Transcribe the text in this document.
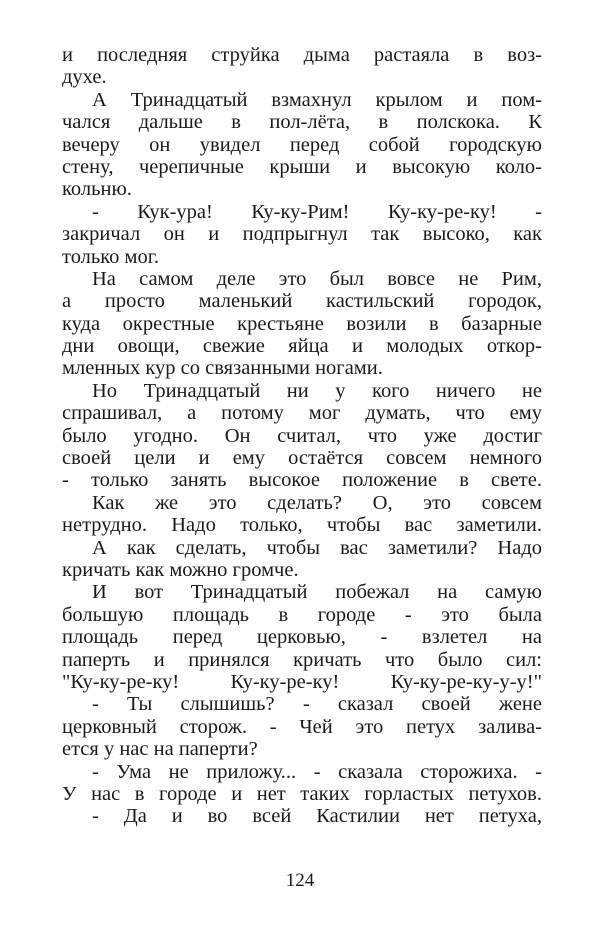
и последняя струйка дыма растаяла в воз-
духе.
А Тринадцатый взмахнул крылом и пом-
чался дальше в пол-лёта, в полскока. К
вечеру он увидел перед собой городскую
стену, черепичные крыши и высокую коло-
кольню.
- Кук-ура! Ку-ку-Рим! Ку-ку-ре-ку! -
закричал он и подпрыгнул так высоко, как
только мог.
На самом деле это был вовсе не Рим,
а просто маленький кастильский городок,
куда окрестные крестьяне возили в базарные
дни овощи, свежие яйца и молодых откор-
мленных кур со связанными ногами.
Но Тринадцатый ни у кого ничего не
спрашивал, а потому мог думать, что ему
было угодно. Он считал, что уже достиг
своей цели и ему остаётся совсем немного
- только занять высокое положение в свете.
Как же это сделать? О, это совсем
нетрудно. Надо только, чтобы вас заметили.
А как сделать, чтобы вас заметили? Надо
кричать как можно громче.
И вот Тринадцатый побежал на самую
большую площадь в городе - это была
площадь перед церковью, - взлетел на
паперть и принялся кричать что было сил:
"Ку-ку-ре-ку! Ку-ку-ре-ку! Ку-ку-ре-ку-у-у!"
- Ты слышишь? - сказал своей жене
церковный сторож. - Чей это петух залива-
ется у нас на паперти?
- Ума не приложу... - сказала сторожиха. -
У нас в городе и нет таких горластых петухов.
- Да и во всей Кастилии нет петуха,
124
